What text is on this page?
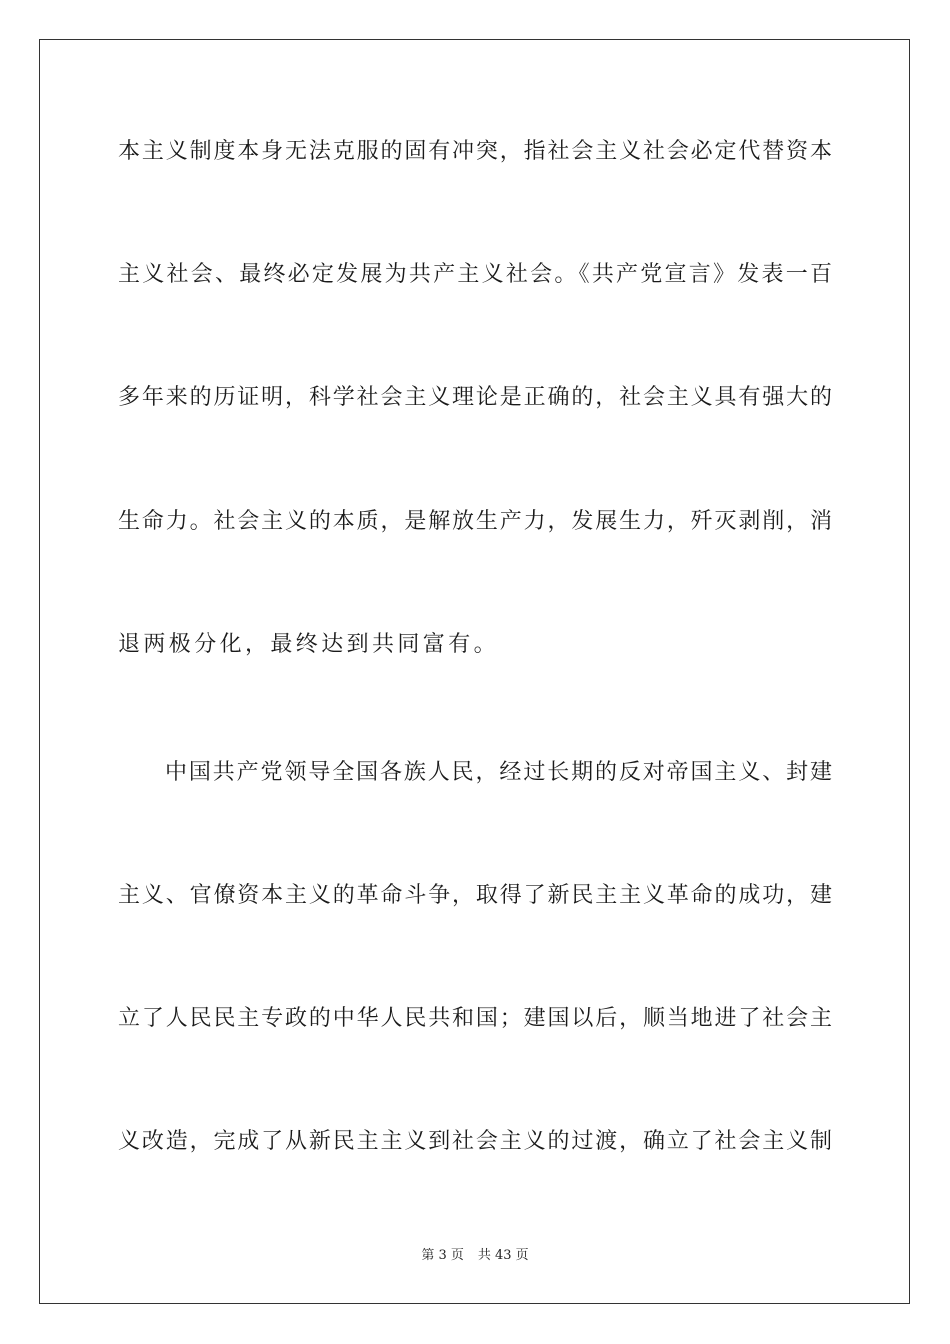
本主义制度本身无法克服的固有冲突，指社会主义社会必定代替资本
主义社会、最终必定发展为共产主义社会。《共产党宣言》发表一百
多年来的历证明，科学社会主义理论是正确的，社会主义具有强大的
生命力。社会主义的本质，是解放生产力，发展生力，歼灭剥削，消
退两极分化，最终达到共同富有。
中国共产党领导全国各族人民，经过长期的反对帝国主义、封建
主义、官僚资本主义的革命斗争，取得了新民主主义革命的成功，建
立了人民民主专政的中华人民共和国；建国以后，顺当地进了社会主
义改造，完成了从新民主主义到社会主义的过渡，确立了社会主义制
第 3 页 共 43 页
